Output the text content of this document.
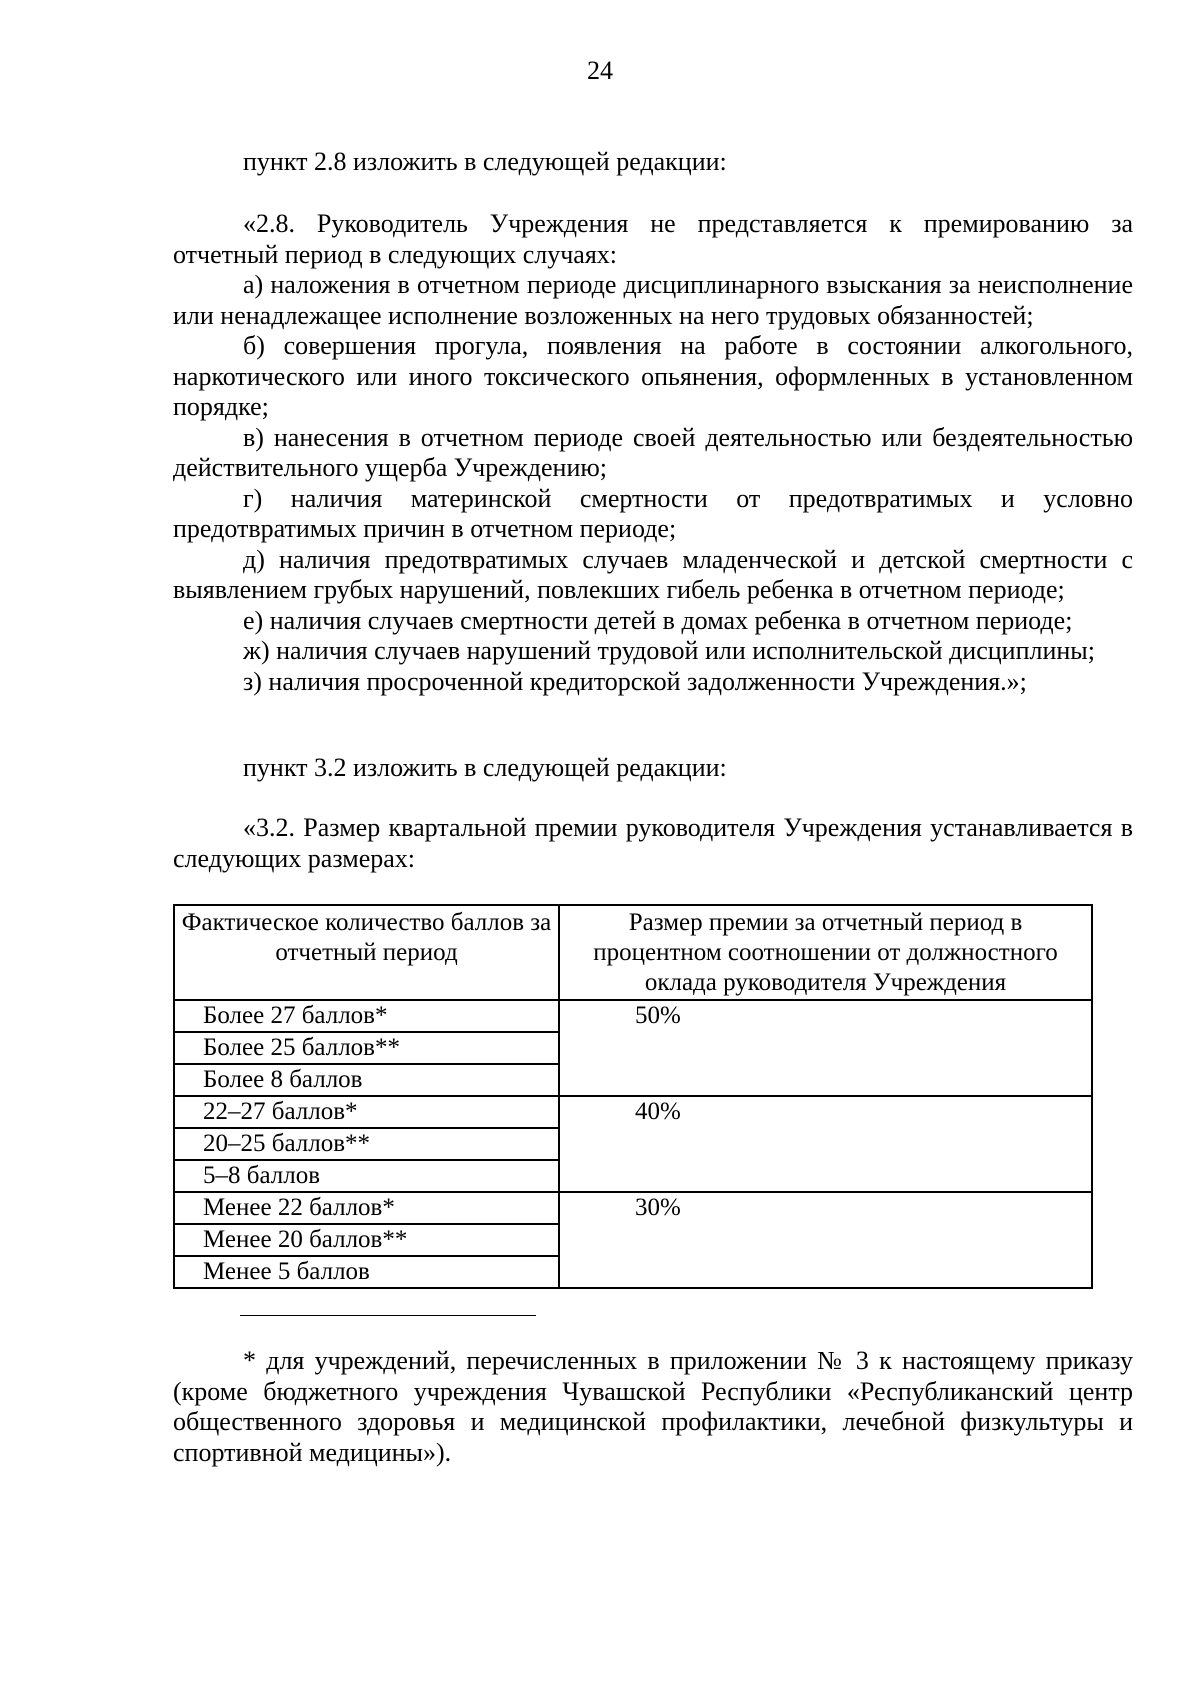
24

пункт 2.8 изложить в следующей редакции:

«2.8. Руководитель Учреждения не представляется к премированию за отчетный период в следующих случаях:

а) наложения в отчетном периоде дисциплинарного взыскания за неисполнение или ненадлежащее исполнение возложенных на него трудовых обязанностей;

б) совершения прогула, появления на работе в состоянии алкогольного, наркотического или иного токсического опьянения, оформленных в установленном порядке;

в) нанесения в отчетном периоде своей деятельностью или бездеятельностью действительного ущерба Учреждению;

г) наличия материнской смертности от предотвратимых и условно предотвратимых причин в отчетном периоде;

д) наличия предотвратимых случаев младенческой и детской смертности с выявлением грубых нарушений, повлекших гибель ребенка в отчетном периоде;

е) наличия случаев смертности детей в домах ребенка в отчетном периоде;

ж) наличия случаев нарушений трудовой или исполнительской дисциплины;

з) наличия просроченной кредиторской задолженности Учреждения.»;

пункт 3.2 изложить в следующей редакции:

«3.2. Размер квартальной премии руководителя Учреждения устанавливается в следующих размерах:

Фактическое количество баллов за отчетный период	Размер премии за отчетный период в процентном соотношении от должностного оклада руководителя Учреждения
Более 27 баллов*	50%
Более 25 баллов**	
Более 8 баллов	
22–27 баллов*	40%
20–25 баллов**	
5–8 баллов	
Менее 22 баллов*	30%
Менее 20 баллов**	
Менее 5 баллов	

* для учреждений, перечисленных в приложении № 3 к настоящему приказу (кроме бюджетного учреждения Чувашской Республики «Республиканский центр общественного здоровья и медицинской профилактики, лечебной физкультуры и спортивной медицины»).
